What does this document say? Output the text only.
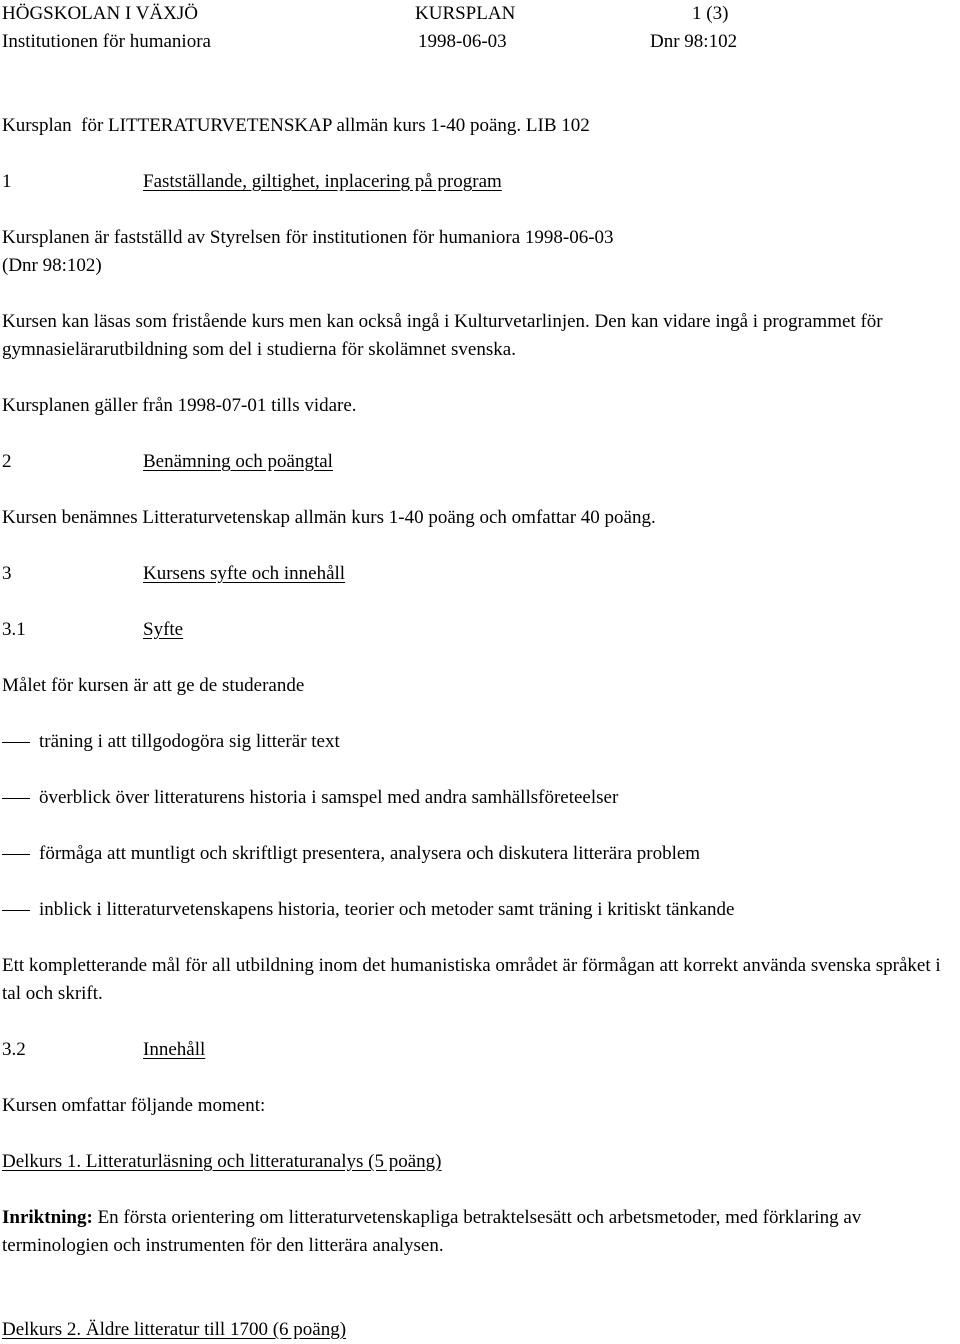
HÖGSKOLAN I VÄXJÖ	KURSPLAN	1 (3)
Institutionen för humaniora	1998-06-03	Dnr 98:102
Kursplan  för LITTERATURVETENSKAP allmän kurs 1-40 poäng. LIB 102
1	Fastställande, giltighet, inplacering på program
Kursplanen är fastställd av Styrelsen för institutionen för humaniora 1998-06-03
(Dnr 98:102)

Kursen kan läsas som fristående kurs men kan också ingå i Kulturvetarlinjen. Den kan vidare ingå i programmet för gymnasielärarutbildning som del i studierna för skolämnet svenska.

Kursplanen gäller från 1998-07-01 tills vidare.
2	Benämning och poängtal
Kursen benämnes Litteraturvetenskap allmän kurs 1-40 poäng och omfattar 40 poäng.
3	Kursens syfte och innehåll
3.1	Syfte
Målet för kursen är att ge de studerande
träning i att tillgodogöra sig litterär text
överblick över litteraturens historia i samspel med andra samhällsföreteelser
förmåga att muntligt och skriftligt presentera, analysera och diskutera litterära problem
inblick i litteraturvetenskapens historia, teorier och metoder samt träning i kritiskt tänkande

Ett kompletterande mål för all utbildning inom det humanistiska området är förmågan att korrekt använda svenska språket i tal och skrift.

3.2	Innehåll
Kursen omfattar följande moment:
Delkurs 1. Litteraturläsning och litteraturanalys (5 poäng)

Inriktning: En första orientering om litteraturvetenskapliga betraktelsesätt och arbetsmetoder, med förklaring av terminologien och instrumenten för den litterära analysen.

Delkurs 2. Äldre litteratur till 1700 (6 poäng)
